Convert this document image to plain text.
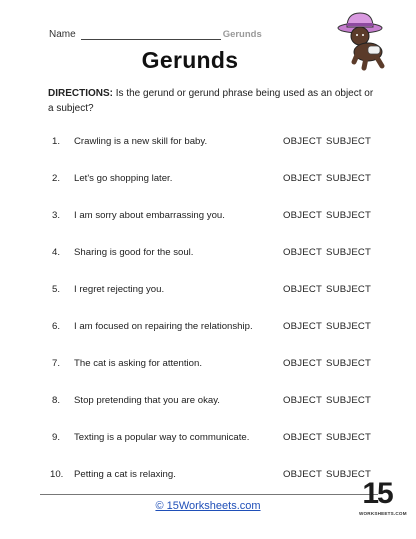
Name	Gerunds
Gerunds
DIRECTIONS: Is the gerund or gerund phrase being used as an object or a subject?
1. Crawling is a new skill for baby.	OBJECT SUBJECT
2. Let's go shopping later.	OBJECT SUBJECT
3. I am sorry about embarrassing you.	OBJECT SUBJECT
4. Sharing is good for the soul.	OBJECT SUBJECT
5. I regret rejecting you.	OBJECT SUBJECT
6. I am focused on repairing the relationship.	OBJECT SUBJECT
7. The cat is asking for attention.	OBJECT SUBJECT
8. Stop pretending that you are okay.	OBJECT SUBJECT
9. Texting is a popular way to communicate.	OBJECT SUBJECT
10. Petting a cat is relaxing.	OBJECT SUBJECT
© 15Worksheets.com	15
WORKSHEETS.COM
